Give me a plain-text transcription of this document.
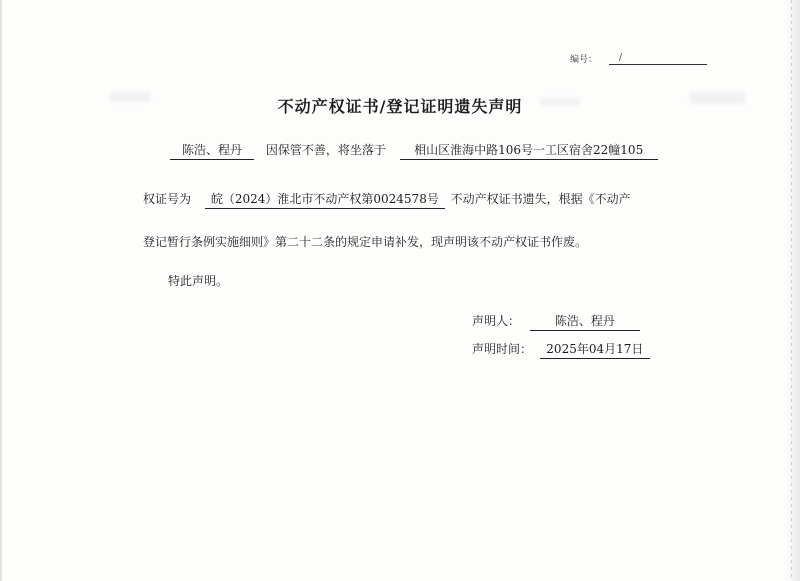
编号：	/
不动产权证书/登记证明遗失声明
陈浩、程丹 因保管不善，将坐落于 相山区淮海中路106号一工区宿舍22幢105
权证号为 皖（2024）淮北市不动产权第0024578号 不动产权证书遗失，根据《不动产
登记暂行条例实施细则》第二十二条的规定申请补发，现声明该不动产权证书作废。
特此声明。
声明人：	陈浩、程丹
声明时间： 2025年04月17日
